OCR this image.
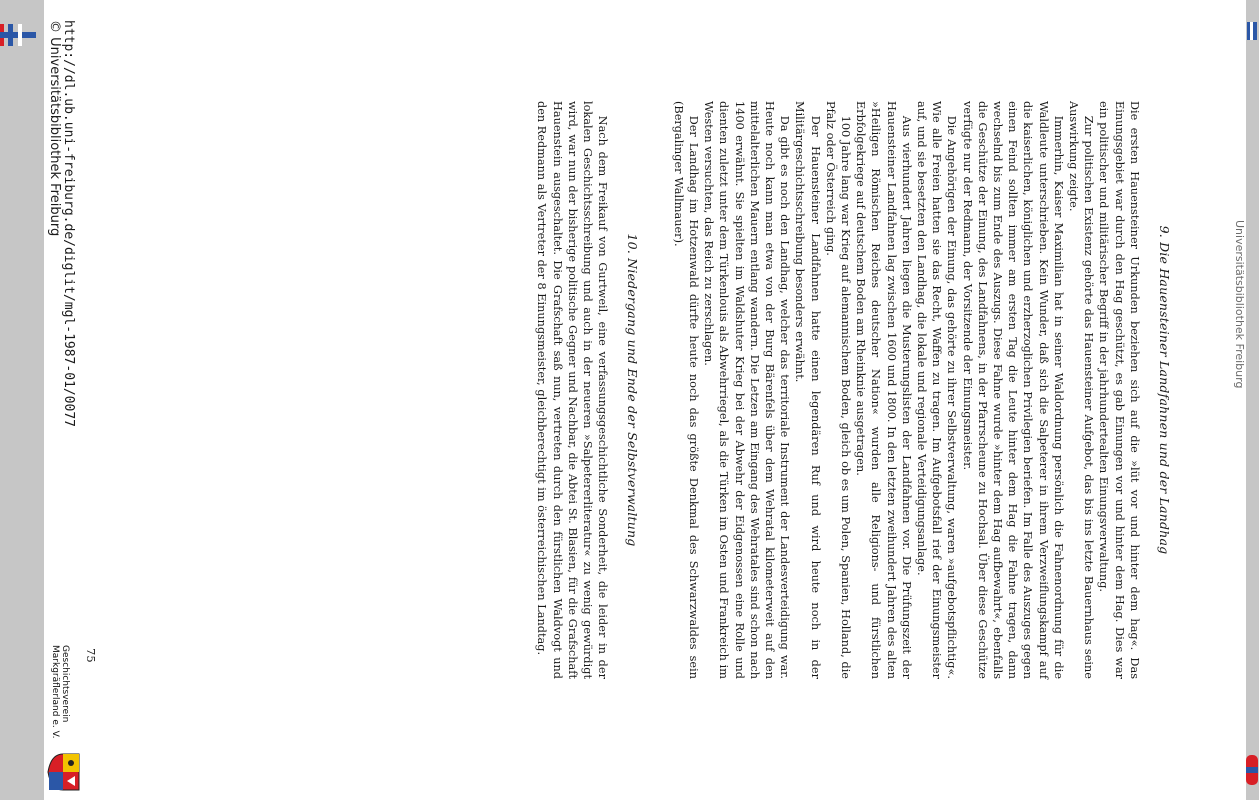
Universitätsbibliothek Freiburg
9. Die Hauensteiner Landfahnen und der Landhag

Die ersten Hauensteiner Urkunden beziehen sich auf die »lüt vor und hinter dem hag«. Das Einungsgebiet war durch den Hag geschützt, es gab Einungen vor und hinter dem Hag. Dies war ein politischer und militärischer Begriff in der jahrhundertealten Einungsverwaltung.

Zur politischen Existenz gehörte das Hauensteiner Aufgebot, das bis ins letzte Bauernhaus seine Auswirkung zeigte.

Immerhin, Kaiser Maximilian hat in seiner Waldordnung persönlich die Fahnenordnung für die Waldleute unterschrieben. Kein Wunder, daß sich die Salpeterer in ihrem Verzweiflungskampf auf die kaiserlichen, königlichen und erzherzoglichen Privilegien beriefen. Im Falle des Auszuges gegen einen Feind sollten immer am ersten Tag die Leute hinter dem Hag die Fahne tragen, dann wechselnd bis zum Ende des Auszugs. Diese Fahne wurde »hinter dem Hag aufbewahrt«, ebenfalls die Geschütze der Einung, des Landfahnens, in der Pfarrscheune zu Hochsal. Über diese Geschütze verfügte nur der Redmann, der Vorsitzende der Einungsmeister.

Die Angehörigen der Einung, das gehörte zu ihrer Selbstverwaltung, waren »aufgebotspflichtig«. Wie alle Freien hatten sie das Recht, Waffen zu tragen. Im Aufgebotsfall rief der Einungsmeister auf, und sie besetzten den Landhag, die lokale und regionale Verteidigungsanlage.

Aus vierhundert Jahren liegen die Musterungslisten der Landfahnen vor. Die Prüfungszeit der Hauensteiner Landfahnen lag zwischen 1600 und 1800. In den letzten zweihundert Jahren des alten »Heiligen Römischen Reiches deutscher Nation« wurden alle Religions- und fürstlichen Erbfolgekriege auf deutschem Boden am Rheinknie ausgetragen.

100 Jahre lang war Krieg auf alemannischem Boden, gleich ob es um Polen, Spanien, Holland, die Pfalz oder Österreich ging.

Der Hauensteiner Landfahnen hatte einen legendären Ruf und wird heute noch in der Militärgeschichtsschreibung besonders erwähnt.

Da gibt es noch den Landhag, welcher das territoriale Instrument der Landesverteidigung war. Heute noch kann man etwa von der Burg Bärenfels über dem Wehratal kilometerweit auf den mittelalterlichen Mauern entlang wandern. Die Letzen am Eingang des Wehratales sind schon nach 1400 erwähnt. Sie spielten im Waldshuter Krieg bei der Abwehr der Eidgenossen eine Rolle und dienten zuletzt unter dem Türkenlouis als Abwehrriegel, als die Türken im Osten und Frankreich im Westen versuchten, das Reich zu zerschlagen.

Der Landhag im Hotzenwald dürfte heute noch das größte Denkmal des Schwarzwaldes sein (Bergalinger Wallmauer).

10. Niedergang und Ende der Selbstverwaltung

Nach dem Freikauf von Gurtweil, eine verfassungsgeschichtliche Sonderheit, die leider in der lokalen Geschichtsschreibung und auch in der neueren »Salpetererliteratur« zu wenig gewürdigt wird, war nun der bisherige politische Gegner und Nachbar, die Abtei St. Blasien, für die Grafschaft Hauenstein ausgeschaltet. Die Grafschaft saß nun, vertreten durch den fürstlichen Waldvogt und den Redmann als Vertreter der 8 Einungsmeister, gleichberechtigt im österreichischen Landtag.

75
http://dl.ub.uni-freiburg.de/diglit/mgl-1987-01/0077
© Universitätsbibliothek Freiburg
Geschichtsverein
Markgräflerland e. V.
